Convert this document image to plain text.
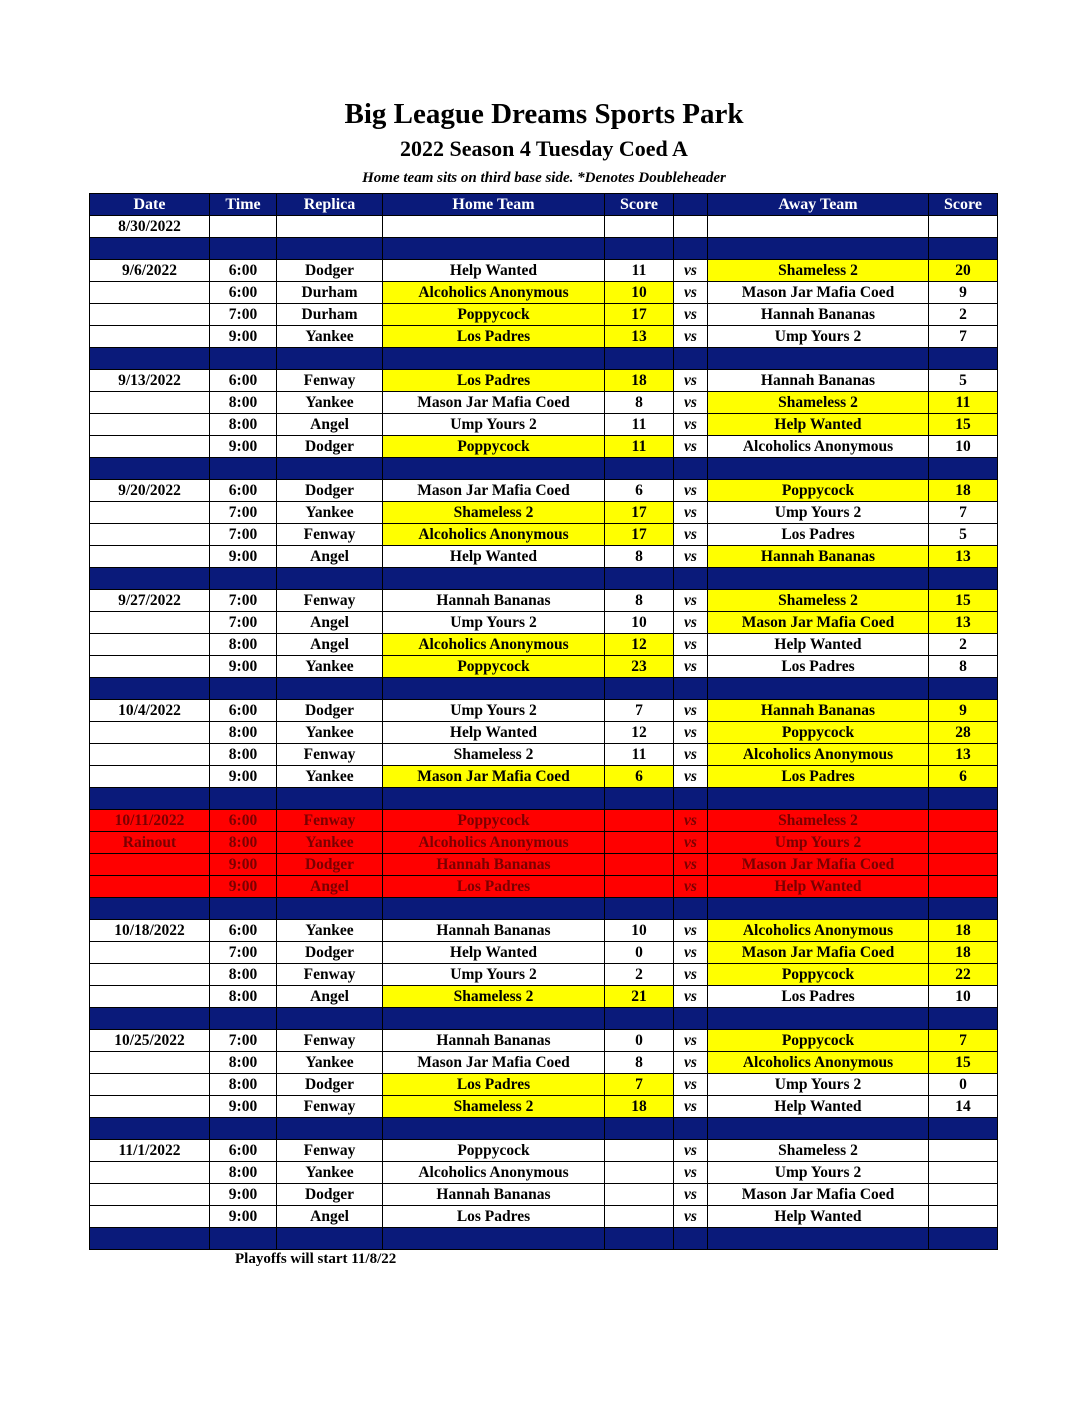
Big League Dreams Sports Park
2022 Season 4 Tuesday Coed A
Home team sits on third base side. *Denotes Doubleheader
Date	Time	Replica	Home Team	Score		Away Team	Score
8/30/2022							

9/6/2022	6:00	Dodger	Help Wanted	11	vs	Shameless 2	20
	6:00	Durham	Alcoholics Anonymous	10	vs	Mason Jar Mafia Coed	9
	7:00	Durham	Poppycock	17	vs	Hannah Bananas	2
	9:00	Yankee	Los Padres	13	vs	Ump Yours 2	7

9/13/2022	6:00	Fenway	Los Padres	18	vs	Hannah Bananas	5
	8:00	Yankee	Mason Jar Mafia Coed	8	vs	Shameless 2	11
	8:00	Angel	Ump Yours 2	11	vs	Help Wanted	15
	9:00	Dodger	Poppycock	11	vs	Alcoholics Anonymous	10

9/20/2022	6:00	Dodger	Mason Jar Mafia Coed	6	vs	Poppycock	18
	7:00	Yankee	Shameless 2	17	vs	Ump Yours 2	7
	7:00	Fenway	Alcoholics Anonymous	17	vs	Los Padres	5
	9:00	Angel	Help Wanted	8	vs	Hannah Bananas	13

9/27/2022	7:00	Fenway	Hannah Bananas	8	vs	Shameless 2	15
	7:00	Angel	Ump Yours 2	10	vs	Mason Jar Mafia Coed	13
	8:00	Angel	Alcoholics Anonymous	12	vs	Help Wanted	2
	9:00	Yankee	Poppycock	23	vs	Los Padres	8

10/4/2022	6:00	Dodger	Ump Yours 2	7	vs	Hannah Bananas	9
	8:00	Yankee	Help Wanted	12	vs	Poppycock	28
	8:00	Fenway	Shameless 2	11	vs	Alcoholics Anonymous	13
	9:00	Yankee	Mason Jar Mafia Coed	6	vs	Los Padres	6

10/11/2022	6:00	Fenway	Poppycock		vs	Shameless 2	
Rainout	8:00	Yankee	Alcoholics Anonymous		vs	Ump Yours 2	
	9:00	Dodger	Hannah Bananas		vs	Mason Jar Mafia Coed	
	9:00	Angel	Los Padres		vs	Help Wanted	

10/18/2022	6:00	Yankee	Hannah Bananas	10	vs	Alcoholics Anonymous	18
	7:00	Dodger	Help Wanted	0	vs	Mason Jar Mafia Coed	18
	8:00	Fenway	Ump Yours 2	2	vs	Poppycock	22
	8:00	Angel	Shameless 2	21	vs	Los Padres	10

10/25/2022	7:00	Fenway	Hannah Bananas	0	vs	Poppycock	7
	8:00	Yankee	Mason Jar Mafia Coed	8	vs	Alcoholics Anonymous	15
	8:00	Dodger	Los Padres	7	vs	Ump Yours 2	0
	9:00	Fenway	Shameless 2	18	vs	Help Wanted	14

11/1/2022	6:00	Fenway	Poppycock		vs	Shameless 2	
	8:00	Yankee	Alcoholics Anonymous		vs	Ump Yours 2	
	9:00	Dodger	Hannah Bananas		vs	Mason Jar Mafia Coed	
	9:00	Angel	Los Padres		vs	Help Wanted	

Playoffs will start 11/8/22
